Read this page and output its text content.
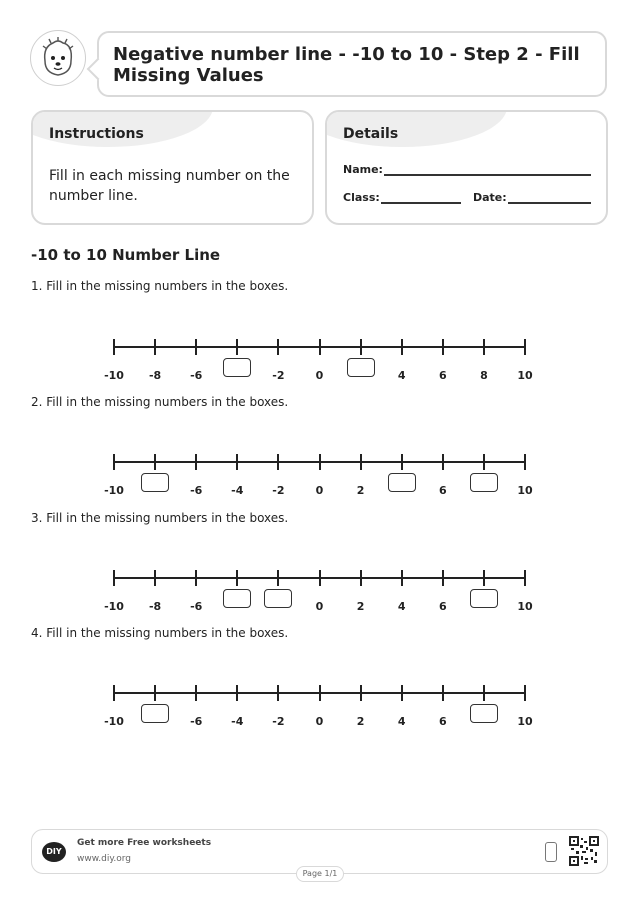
Negative number line - -10 to 10 - Step 2 - Fill Missing Values
Instructions
Fill in each missing number on the number line.
Details
Name:
Class:	Date:
-10 to 10 Number Line
1. Fill in the missing numbers in the boxes.
-10	-8	-6	-2	0	4	6	8	10
2. Fill in the missing numbers in the boxes.
-10	-6	-4	-2	0	2	6	10
3. Fill in the missing numbers in the boxes.
-10	-8	-6	0	2	4	6	10
4. Fill in the missing numbers in the boxes.
-10	-6	-4	-2	0	2	4	6	10
DIY
Get more Free worksheets
www.diy.org
Page 1/1
